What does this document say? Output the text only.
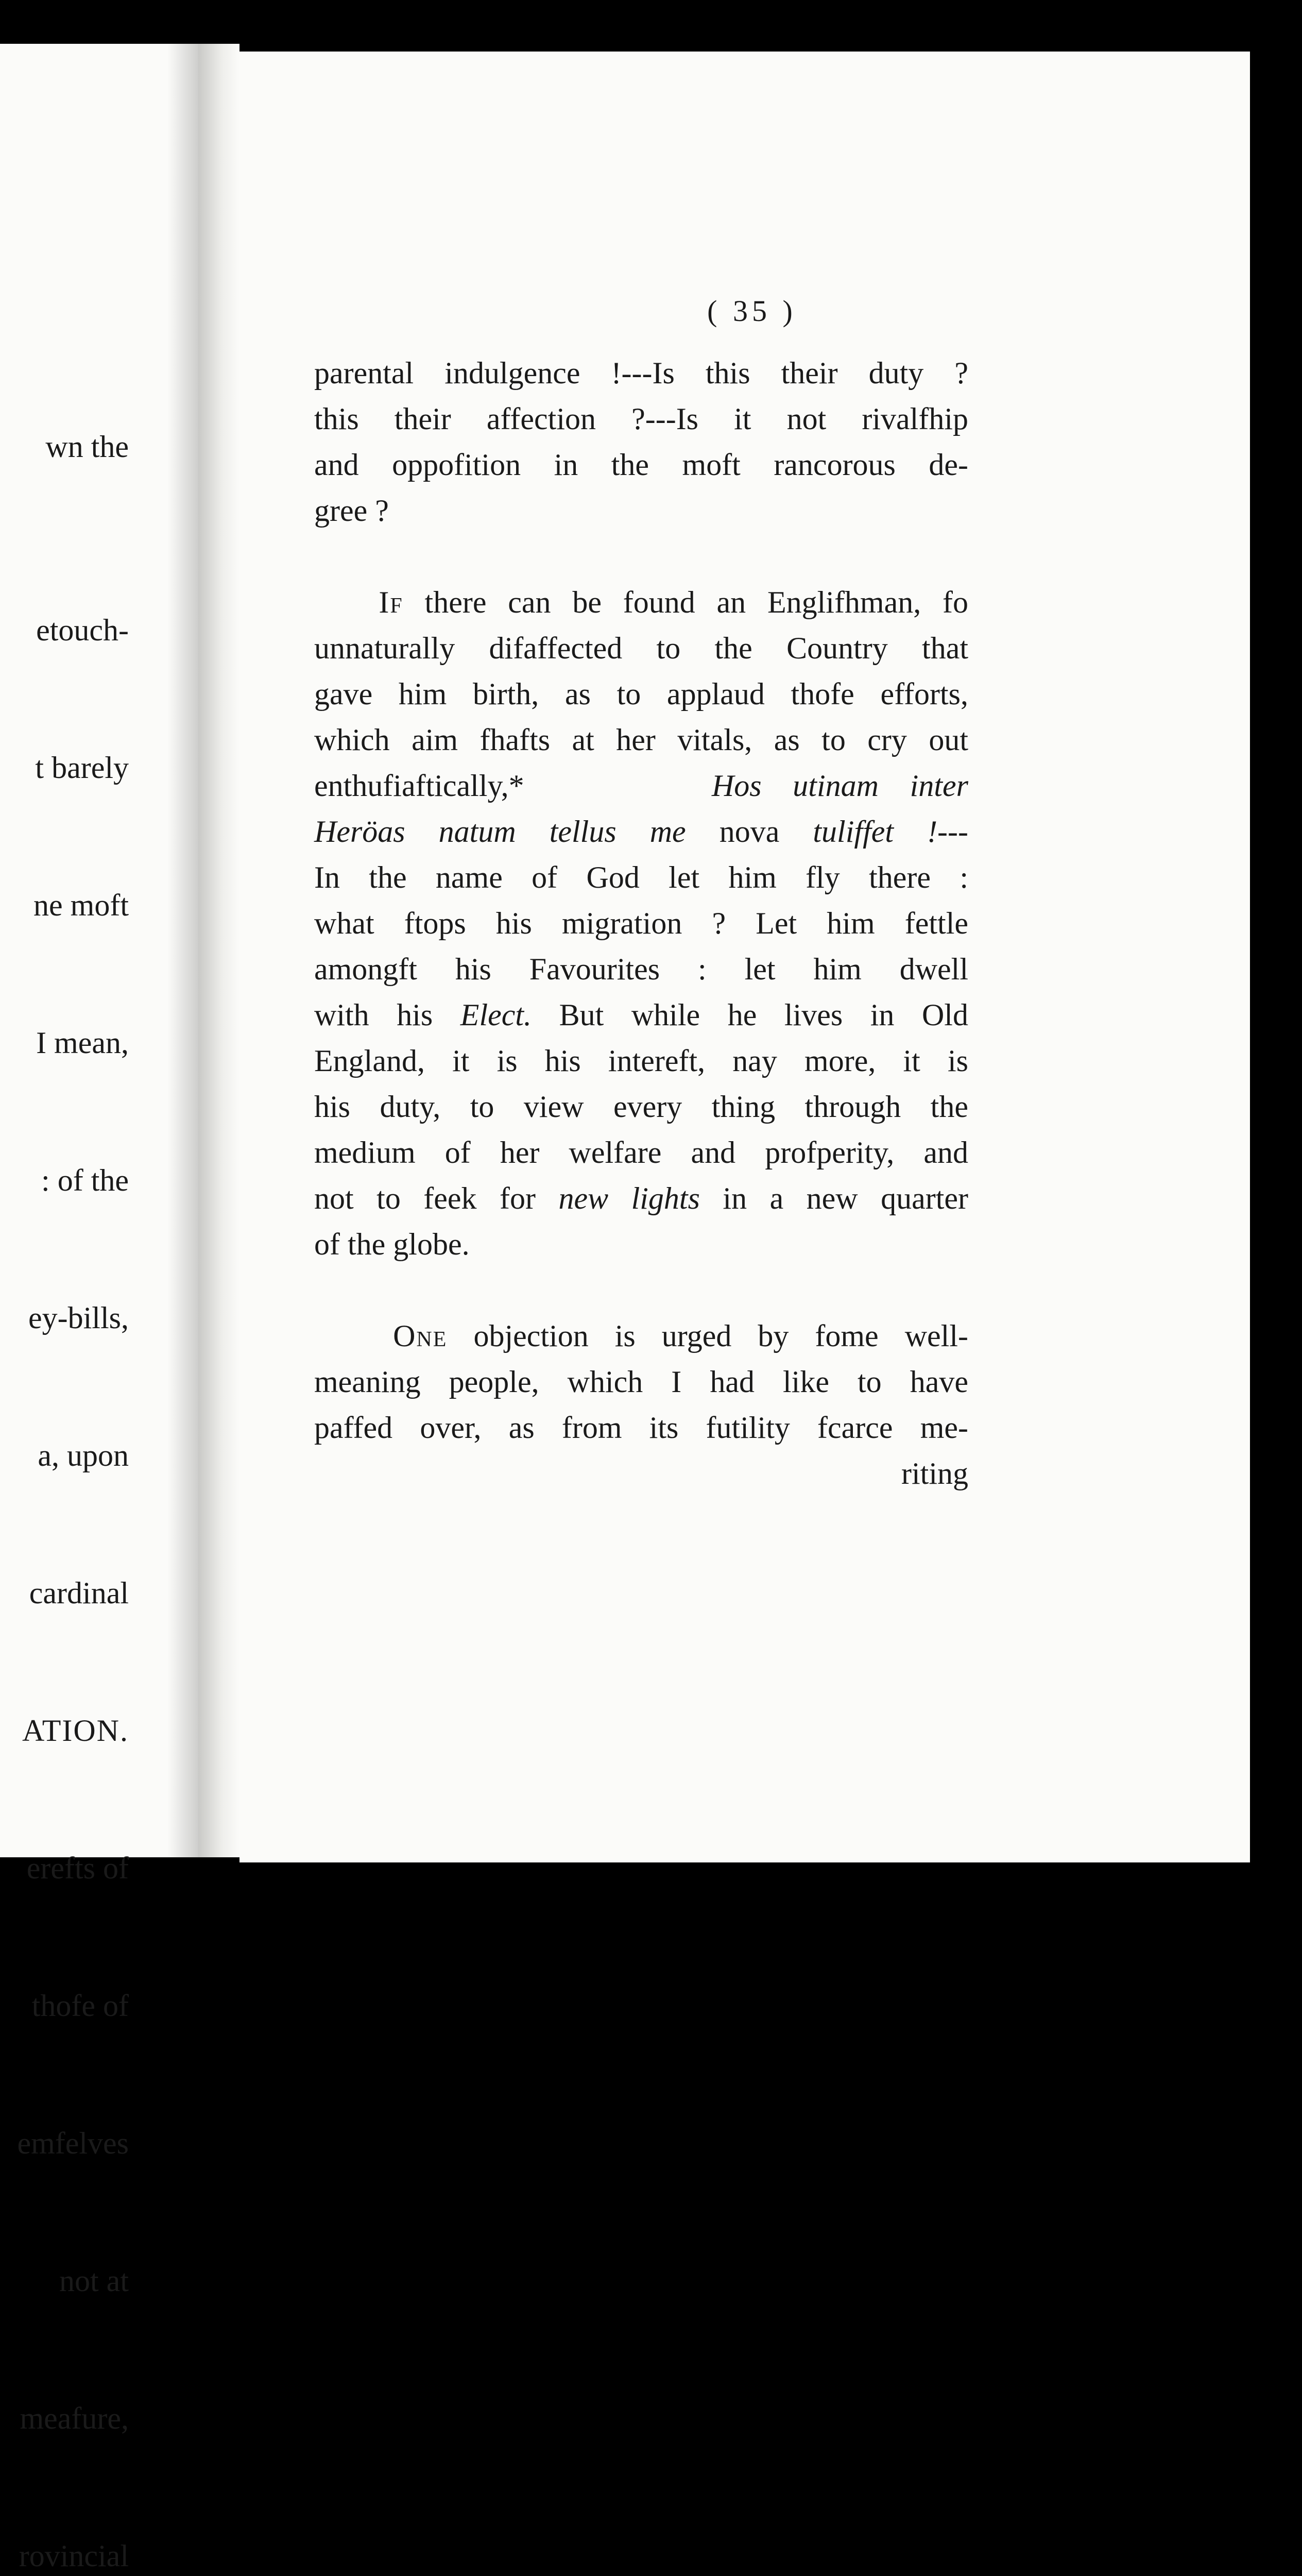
wn the

etouch-

t barely

ne moft

I mean,

: of the

ey-bills,

a, upon

cardinal

ATION.

erefts of

thofe of

emfelves

not at

meafure,

rovincial

( 35 )
parental indulgence !---Is this their duty ?
this their affection ?---Is it not rivalfhip
and oppofition in the moft rancorous de-
gree ?
If there can be found an Englifhman, fo
unnaturally difaffected to the Country that
gave him birth, as to applaud thofe efforts,
which aim fhafts at her vitals, as to cry out
enthufiaftically,*	Hos utinam inter
Heröas natum tellus me nova tuliffet !---
In the name of God let him fly there :
what ftops his migration ? Let him fettle
amongft his Favourites : let him dwell
with his Elect. But while he lives in Old
England, it is his intereft, nay more, it is
his duty, to view every thing through the
medium of her welfare and profperity, and
not to feek for new lights in a new quarter
of the globe.
One objection is urged by fome well-
meaning people, which I had like to have
paffed over, as from its futility fcarce me-
riting
